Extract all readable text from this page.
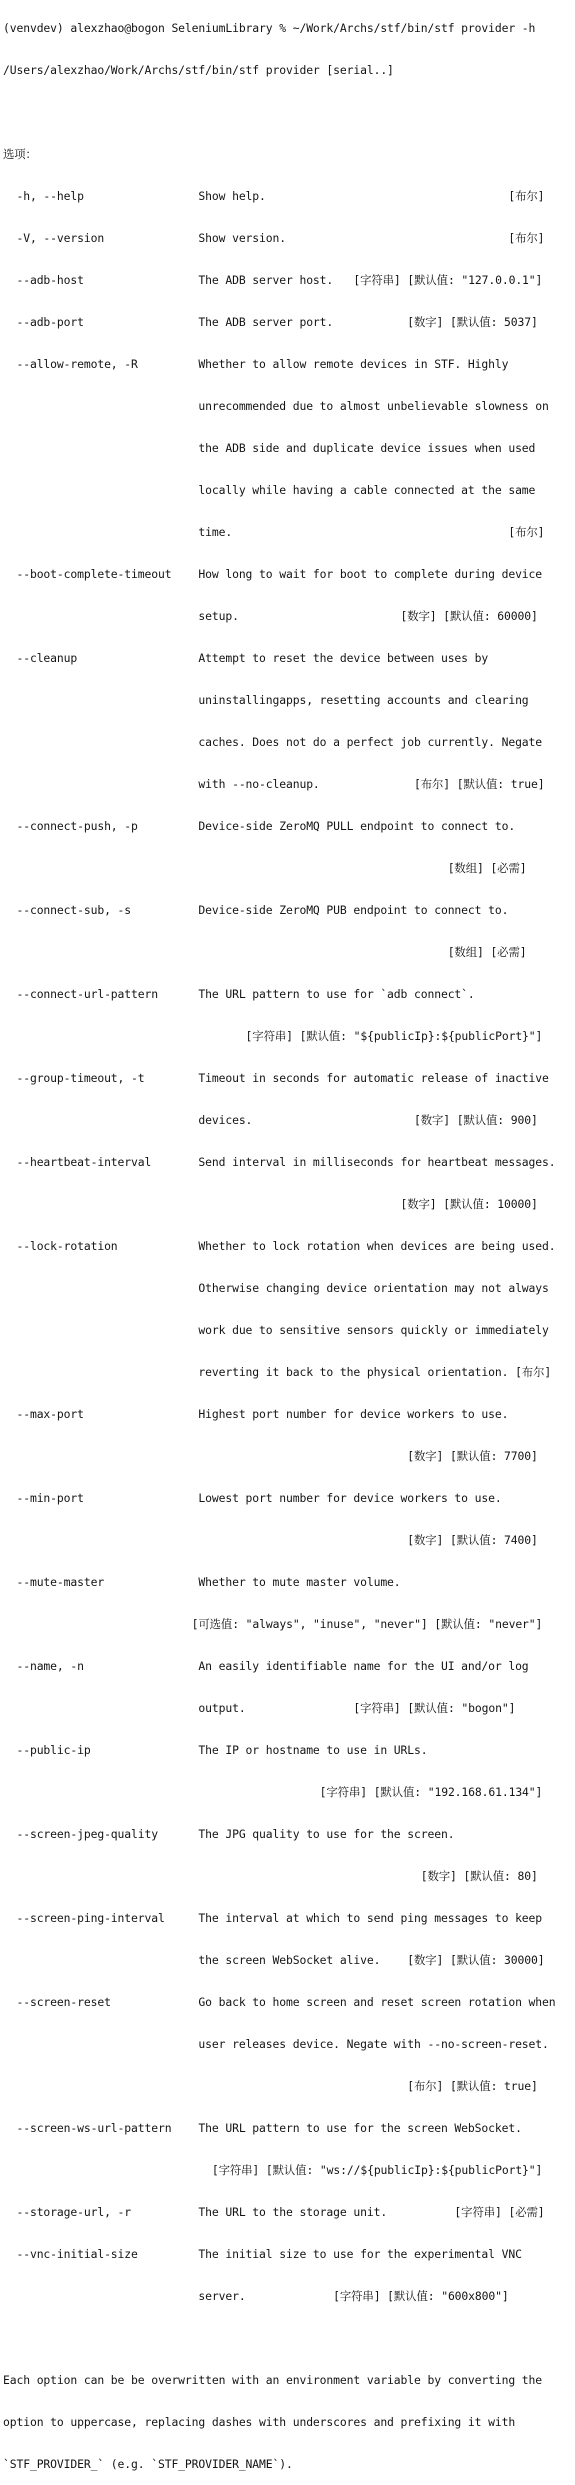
(venvdev) alexzhao@bogon SeleniumLibrary % ~/Work/Archs/stf/bin/stf provider -h

/Users/alexzhao/Work/Archs/stf/bin/stf provider [serial..]

选项：

-h, --help                 Show help.                                    [布尔]

-V, --version              Show version.                                 [布尔]

--adb-host                 The ADB server host.   [字符串] [默认值: "127.0.0.1"]

--adb-port                 The ADB server port.           [数字] [默认值: 5037]

--allow-remote, -R         Whether to allow remote devices in STF. Highly

unrecommended due to almost unbelievable slowness on

the ADB side and duplicate device issues when used

locally while having a cable connected at the same

time.                                         [布尔]

--boot-complete-timeout    How long to wait for boot to complete during device

setup.                        [数字] [默认值: 60000]

--cleanup                  Attempt to reset the device between uses by

uninstallingapps, resetting accounts and clearing

caches. Does not do a perfect job currently. Negate

with --no-cleanup.              [布尔] [默认值: true]

--connect-push, -p         Device-side ZeroMQ PULL endpoint to connect to.

[数组] [必需]

--connect-sub, -s          Device-side ZeroMQ PUB endpoint to connect to.

[数组] [必需]

--connect-url-pattern      The URL pattern to use for `adb connect`.

[字符串] [默认值: "${publicIp}:${publicPort}"]

--group-timeout, -t        Timeout in seconds for automatic release of inactive

devices.                        [数字] [默认值: 900]

--heartbeat-interval       Send interval in milliseconds for heartbeat messages.

[数字] [默认值: 10000]

--lock-rotation            Whether to lock rotation when devices are being used.

Otherwise changing device orientation may not always

work due to sensitive sensors quickly or immediately

reverting it back to the physical orientation. [布尔]

--max-port                 Highest port number for device workers to use.

[数字] [默认值: 7700]

--min-port                 Lowest port number for device workers to use.

[数字] [默认值: 7400]

--mute-master              Whether to mute master volume.

[可选值: "always", "inuse", "never"] [默认值: "never"]

--name, -n                 An easily identifiable name for the UI and/or log

output.                [字符串] [默认值: "bogon"]

--public-ip                The IP or hostname to use in URLs.

[字符串] [默认值: "192.168.61.134"]

--screen-jpeg-quality      The JPG quality to use for the screen.

[数字] [默认值: 80]

--screen-ping-interval     The interval at which to send ping messages to keep

the screen WebSocket alive.    [数字] [默认值: 30000]

--screen-reset             Go back to home screen and reset screen rotation when

user releases device. Negate with --no-screen-reset.

[布尔] [默认值: true]

--screen-ws-url-pattern    The URL pattern to use for the screen WebSocket.

[字符串] [默认值: "ws://${publicIp}:${publicPort}"]

--storage-url, -r          The URL to the storage unit.          [字符串] [必需]

--vnc-initial-size         The initial size to use for the experimental VNC

server.             [字符串] [默认值: "600x800"]

Each option can be be overwritten with an environment variable by converting the

option to uppercase, replacing dashes with underscores and prefixing it with

`STF_PROVIDER_` (e.g. `STF_PROVIDER_NAME`).
